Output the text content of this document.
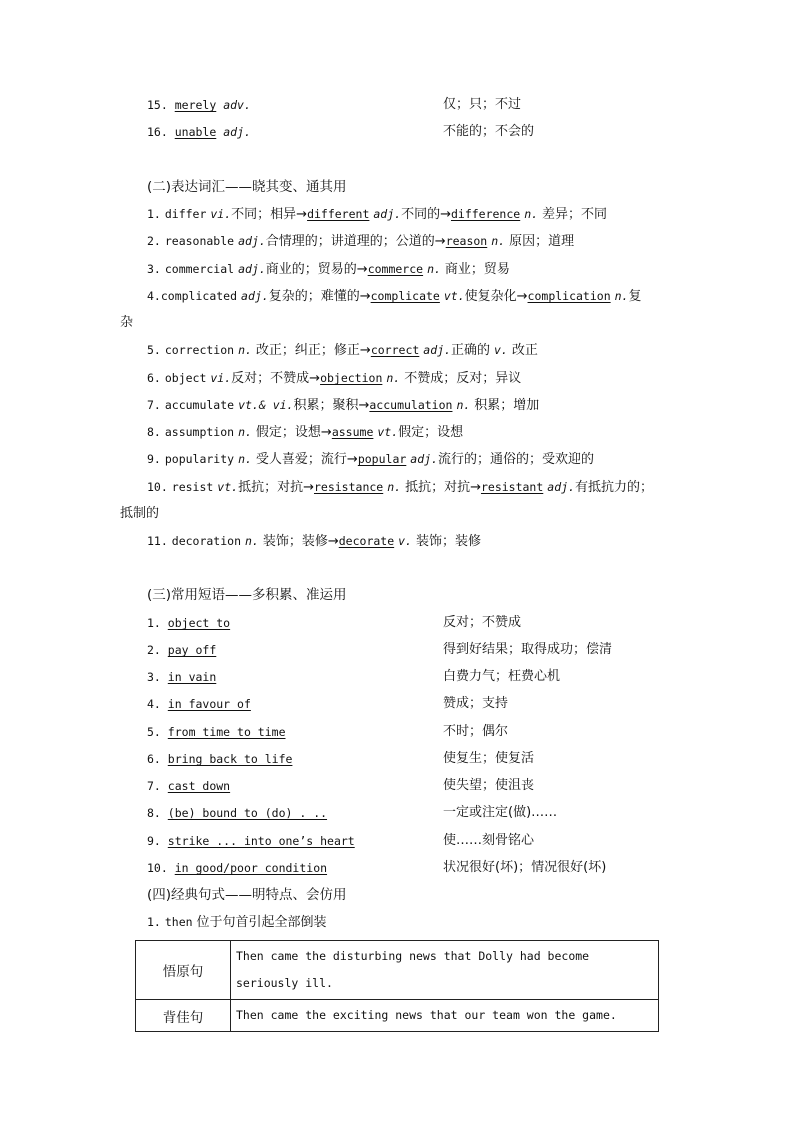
15. merely adv.	仅；只；不过
16. unable adj.	不能的；不会的
(二)表达词汇——晓其变、通其用
1. differ vi.不同；相异→different adj.不同的→difference n. 差异；不同
2. reasonable adj.合情理的；讲道理的；公道的→reason n. 原因；道理
3. commercial adj.商业的；贸易的→commerce n. 商业；贸易
4.complicated adj.复杂的；难懂的→complicate vt.使复杂化→complication n.复
杂
5. correction n. 改正；纠正；修正→correct adj.正确的 v. 改正
6. object vi.反对；不赞成→objection n. 不赞成；反对；异议
7. accumulate vt.& vi.积累；聚积→accumulation n. 积累；增加
8. assumption n. 假定；设想→assume vt.假定；设想
9. popularity n. 受人喜爱；流行→popular adj.流行的；通俗的；受欢迎的
10. resist vt.抵抗；对抗→resistance n. 抵抗；对抗→resistant adj.有抵抗力的；
抵制的
11. decoration n. 装饰；装修→decorate v. 装饰；装修
(三)常用短语——多积累、准运用
1. object to	反对；不赞成
2. pay off	得到好结果；取得成功；偿清
3. in vain	白费力气；枉费心机
4. in favour of	赞成；支持
5. from time to time	不时；偶尔
6. bring back to life	使复生；使复活
7. cast down	使失望；使沮丧
8. (be) bound to (do) . ..	一定或注定(做)……
9. strike ... into one’s heart	使……刻骨铭心
10. in good/poor condition	状况很好(坏)；情况很好(坏)
(四)经典句式——明特点、会仿用
1. then 位于句首引起全部倒装
悟原句	Then came the disturbing news that Dolly had become seriously ill.
背佳句	Then came the exciting news that our team won the game.
